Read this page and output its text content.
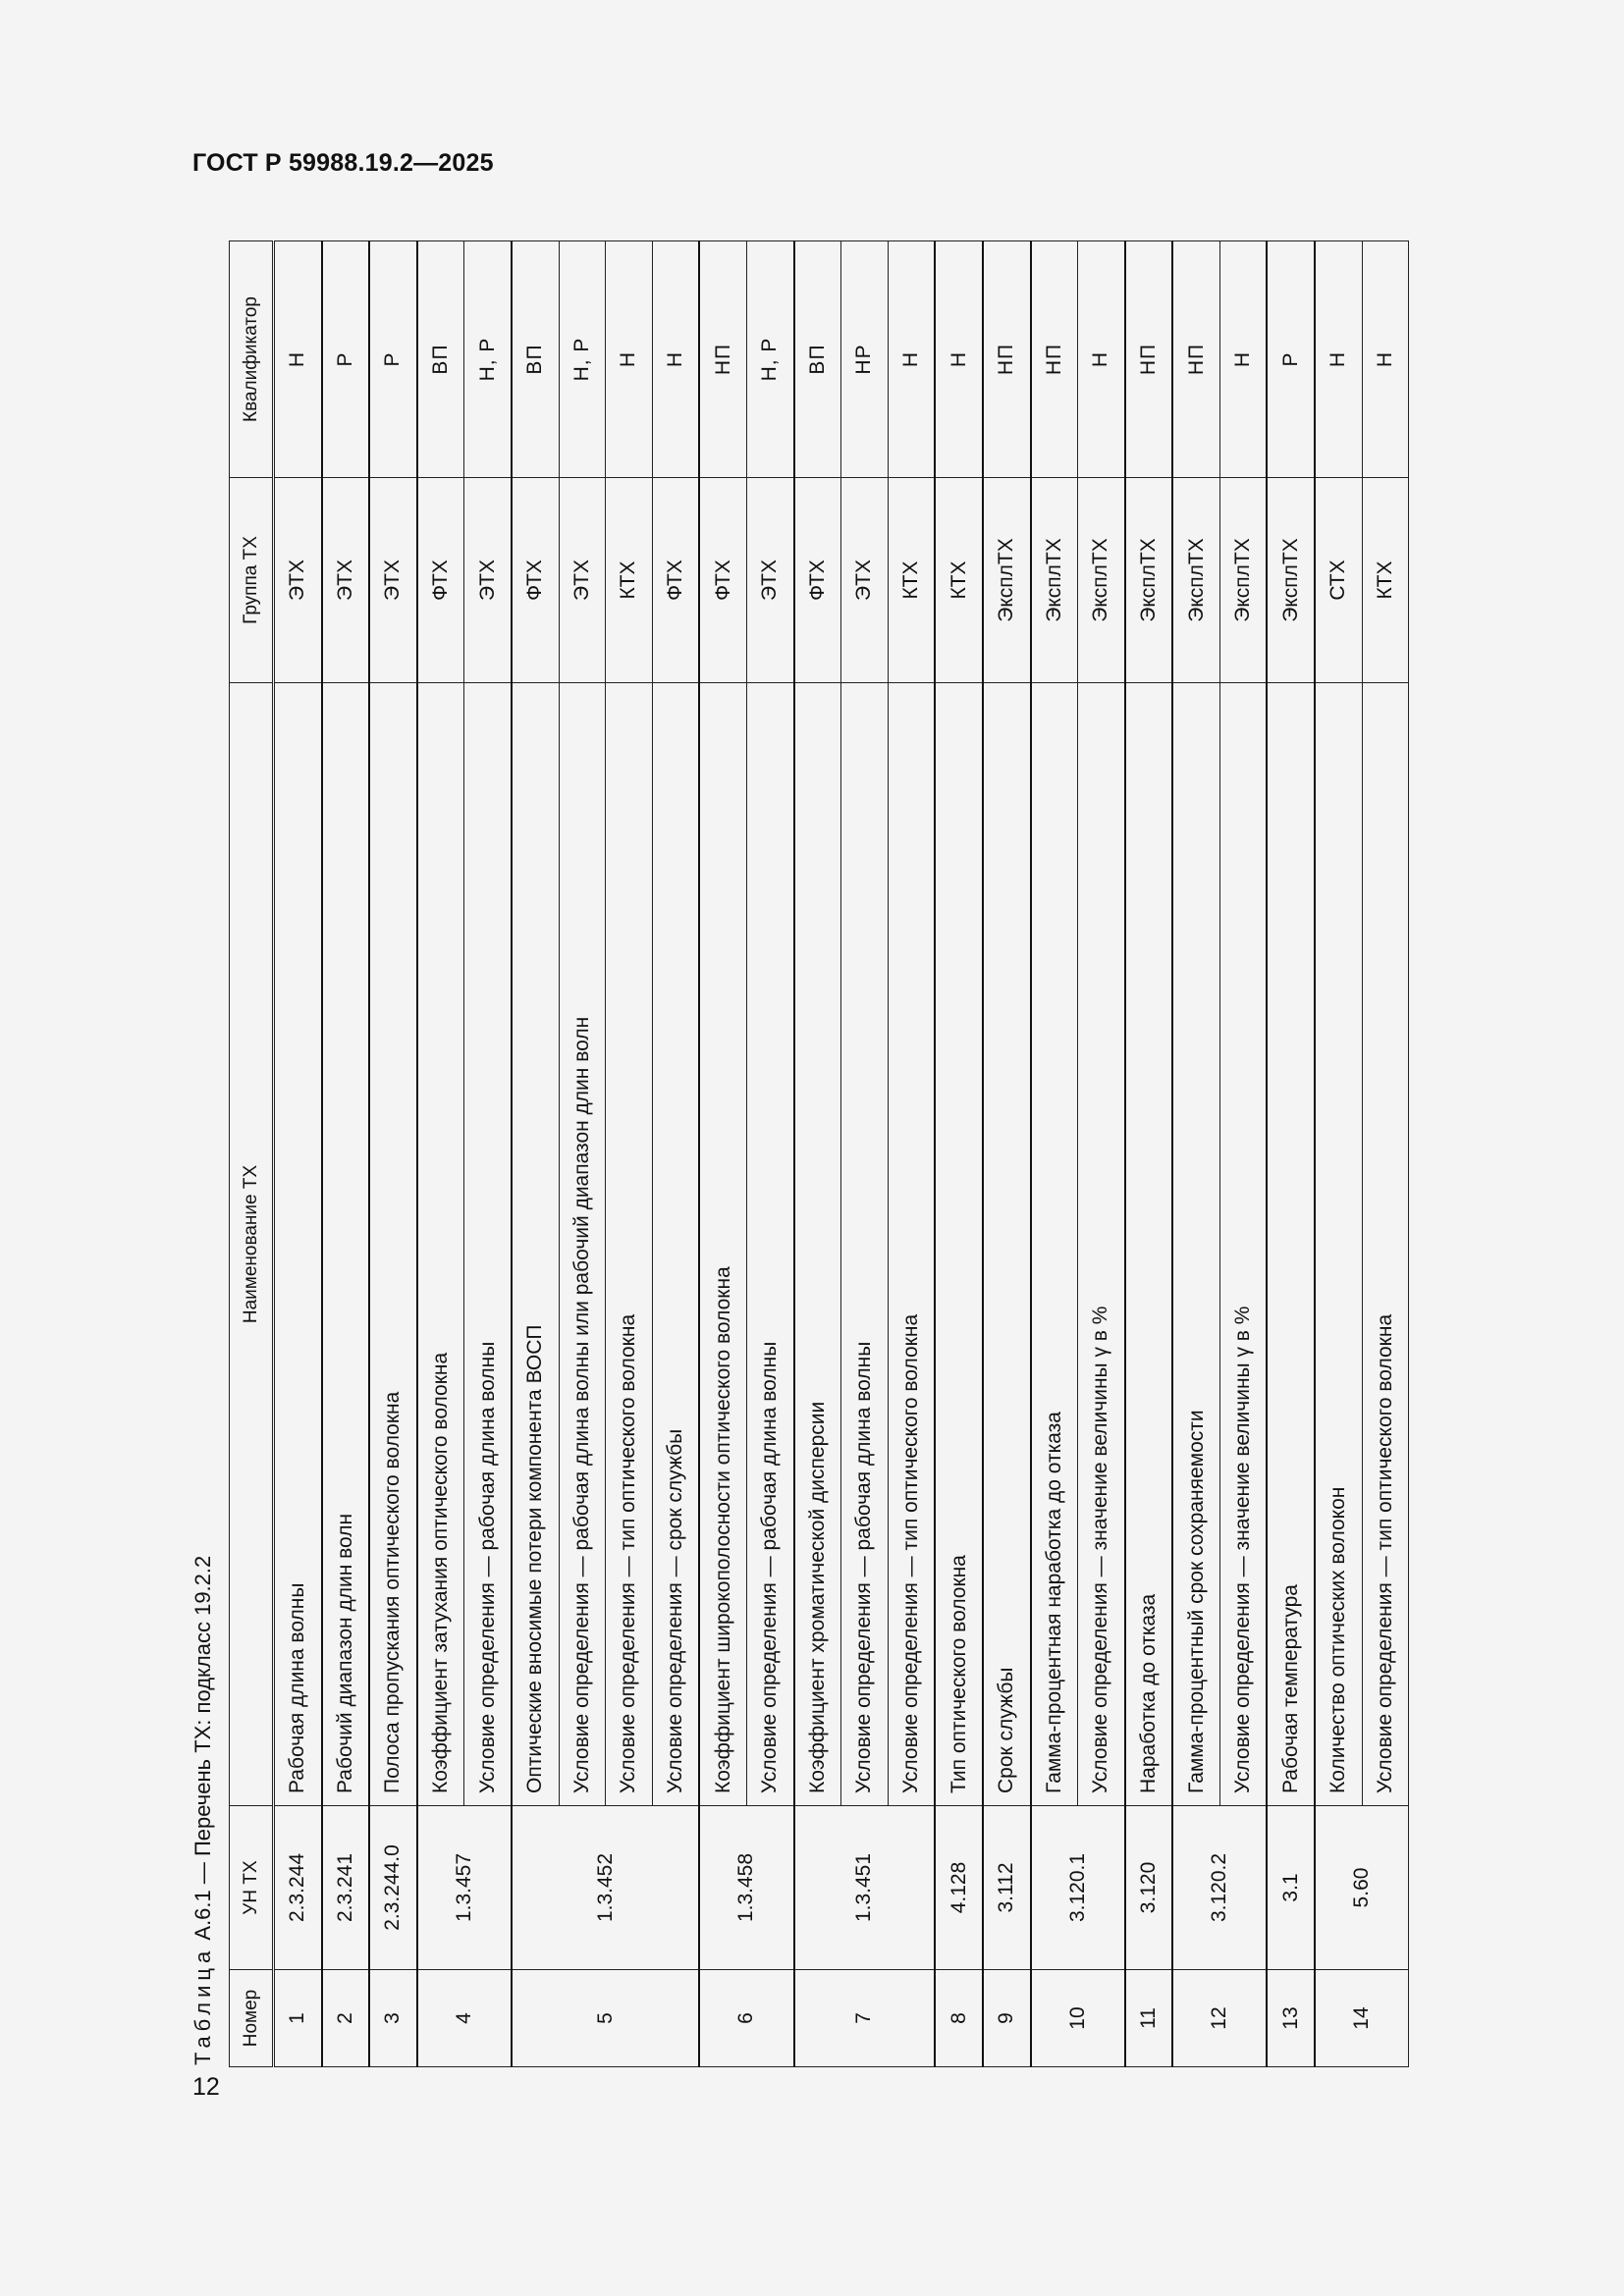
ГОСТ Р 59988.19.2—2025
Таблица А.6.1 — Перечень ТХ: подкласс 19.2.2
Номер	УН ТХ	Наименование ТХ	Группа ТХ	Квалификатор
1	2.3.244	Рабочая длина волны	ЭТХ	Н
2	2.3.241	Рабочий диапазон длин волн	ЭТХ	Р
3	2.3.244.0	Полоса пропускания оптического волокна	ЭТХ	Р
4	1.3.457	Коэффициент затухания оптического волокна	ФТХ	ВП
		Условие определения — рабочая длина волны	ЭТХ	Н, Р
5	1.3.452	Оптические вносимые потери компонента ВОСП	ФТХ	ВП
		Условие определения — рабочая длина волны или рабочий диапазон длин волн	ЭТХ	Н, Р
		Условие определения — тип оптического волокна	КТХ	Н
		Условие определения — срок службы	ФТХ	Н
6	1.3.458	Коэффициент широкополосности оптического волокна	ФТХ	НП
		Условие определения — рабочая длина волны	ЭТХ	Н, Р
7	1.3.451	Коэффициент хроматической дисперсии	ФТХ	ВП
		Условие определения — рабочая длина волны	ЭТХ	НР
		Условие определения — тип оптического волокна	КТХ	Н
8	4.128	Тип оптического волокна	КТХ	Н
9	3.112	Срок службы	ЭксплТХ	НП
10	3.120.1	Гамма-процентная наработка до отказа	ЭксплТХ	НП
		Условие определения — значение величины γ в %	ЭксплТХ	Н
11	3.120	Наработка до отказа	ЭксплТХ	НП
12	3.120.2	Гамма-процентный срок сохраняемости	ЭксплТХ	НП
		Условие определения — значение величины γ в %	ЭксплТХ	Н
13	3.1	Рабочая температура	ЭксплТХ	Р
14	5.60	Количество оптических волокон	СТХ	Н
		Условие определения — тип оптического волокна	КТХ	Н
12
